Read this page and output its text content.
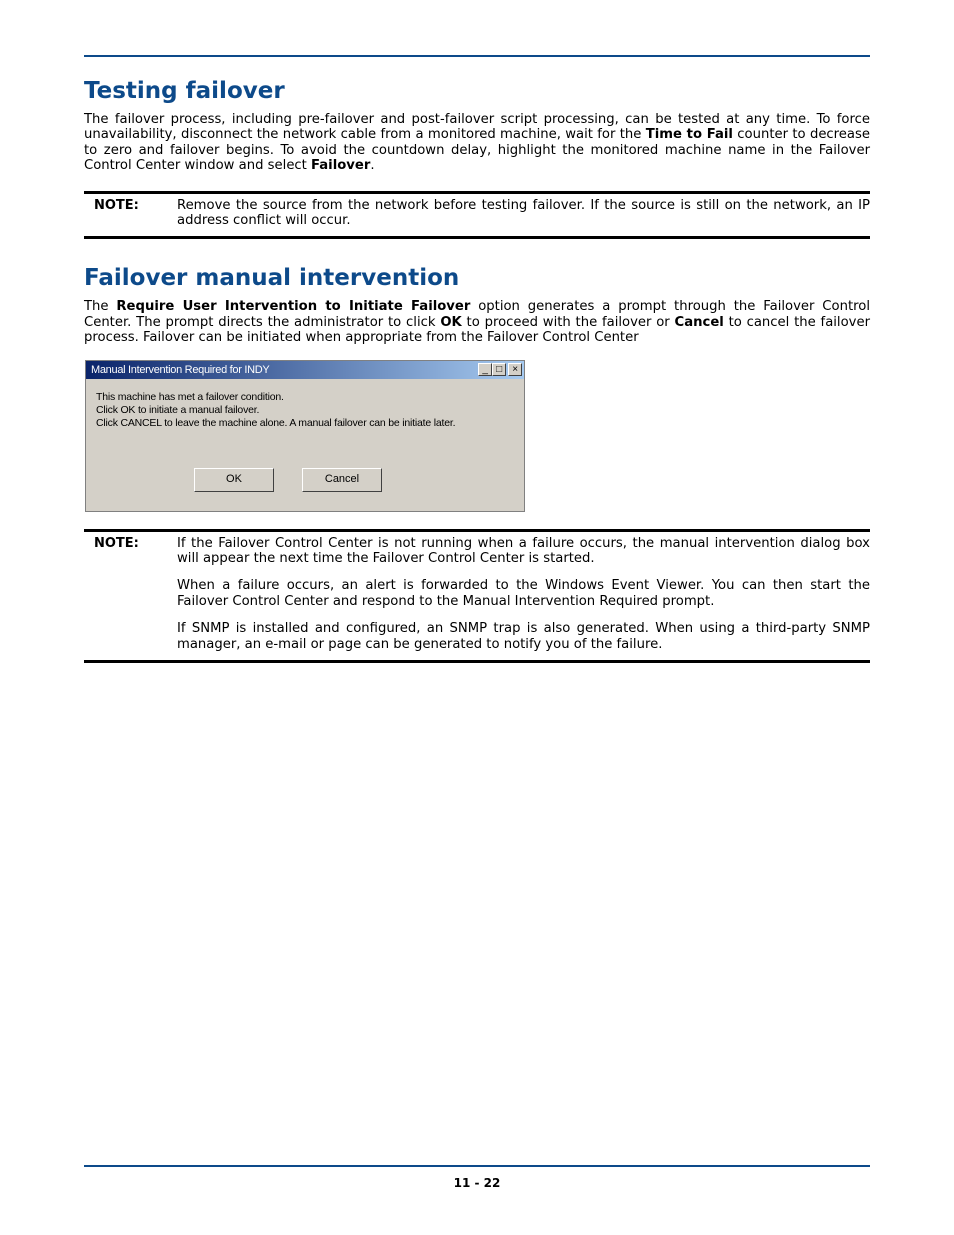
Testing failover

The failover process, including pre-failover and post-failover script processing, can be tested at any time. To force unavailability, disconnect the network cable from a monitored machine, wait for the Time to Fail counter to decrease to zero and failover begins. To avoid the countdown delay, highlight the monitored machine name in the Failover Control Center window and select Failover.

NOTE:	Remove the source from the network before testing failover. If the source is still on the network, an IP address conflict will occur.

Failover manual intervention

The Require User Intervention to Initiate Failover option generates a prompt through the Failover Control Center. The prompt directs the administrator to click OK to proceed with the failover or Cancel to cancel the failover process. Failover can be initiated when appropriate from the Failover Control Center

Manual Intervention Required for INDY	_ □	×
This machine has met a failover condition.
Click OK to initiate a manual failover.
Click CANCEL to leave the machine alone. A manual failover can be initiate later.
OK	Cancel
NOTE:	If the Failover Control Center is not running when a failure occurs, the manual intervention dialog box will appear the next time the Failover Control Center is started.

When a failure occurs, an alert is forwarded to the Windows Event Viewer. You can then start the Failover Control Center and respond to the Manual Intervention Required prompt.

If SNMP is installed and configured, an SNMP trap is also generated. When using a third-party SNMP manager, an e-mail or page can be generated to notify you of the failure.

11 - 22
